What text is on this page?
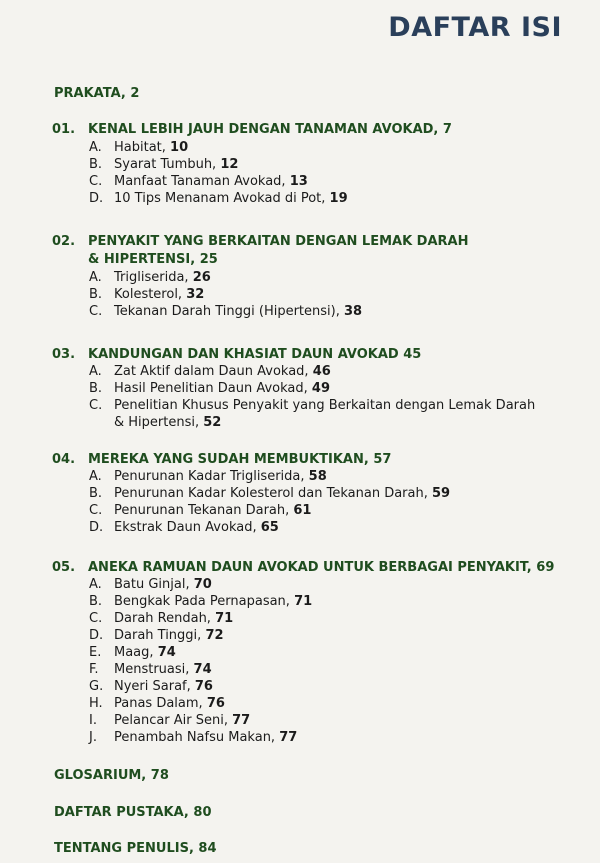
DAFTAR ISI
PRAKATA, 2
01. KENAL LEBIH JAUH DENGAN TANAMAN AVOKAD, 7
A. Habitat, 10
B. Syarat Tumbuh, 12
C. Manfaat Tanaman Avokad, 13
D. 10 Tips Menanam Avokad di Pot, 19
02. PENYAKIT YANG BERKAITAN DENGAN LEMAK DARAH
& HIPERTENSI, 25
A. Trigliserida, 26
B. Kolesterol, 32
C. Tekanan Darah Tinggi (Hipertensi), 38
03. KANDUNGAN DAN KHASIAT DAUN AVOKAD 45
A. Zat Aktif dalam Daun Avokad, 46
B. Hasil Penelitian Daun Avokad, 49
C. Penelitian Khusus Penyakit yang Berkaitan dengan Lemak Darah
& Hipertensi, 52
04. MEREKA YANG SUDAH MEMBUKTIKAN, 57
A. Penurunan Kadar Trigliserida, 58
B. Penurunan Kadar Kolesterol dan Tekanan Darah, 59
C. Penurunan Tekanan Darah, 61
D. Ekstrak Daun Avokad, 65
05. ANEKA RAMUAN DAUN AVOKAD UNTUK BERBAGAI PENYAKIT, 69
A. Batu Ginjal, 70
B. Bengkak Pada Pernapasan, 71
C. Darah Rendah, 71
D. Darah Tinggi, 72
E. Maag, 74
F. Menstruasi, 74
G. Nyeri Saraf, 76
H. Panas Dalam, 76
I. Pelancar Air Seni, 77
J. Penambah Nafsu Makan, 77
GLOSARIUM, 78
DAFTAR PUSTAKA, 80
TENTANG PENULIS, 84
